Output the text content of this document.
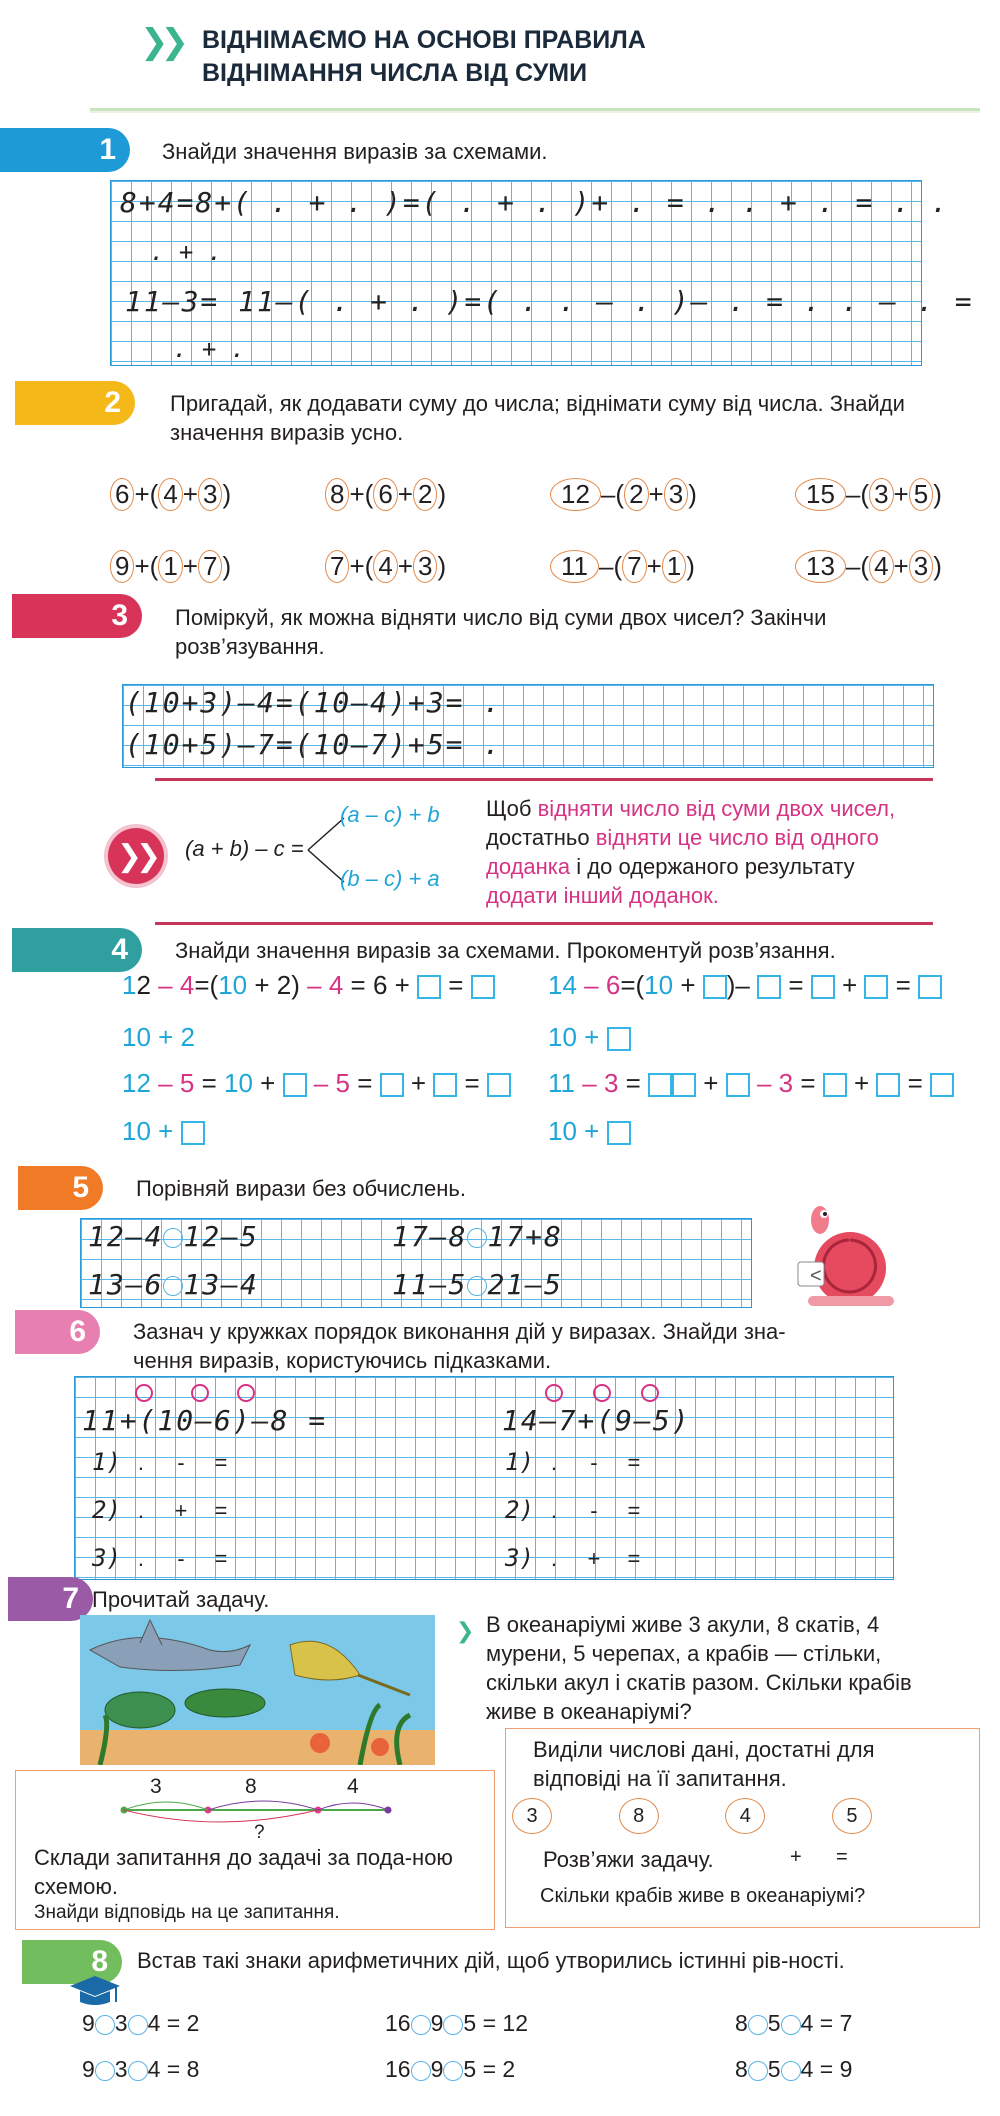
❯❯ ВІДНІМАЄМО НА ОСНОВІ ПРАВИЛА
ВІДНІМАННЯ ЧИСЛА ВІД СУМИ
1 Знайди значення виразів за схемами.
8+4=8+( . + . )=( . + . )+ . = . . + . = . .
. + .
11–3= 11–( . + . )=( . . – . )– . = . . – . =
. + .
2 Пригадай, як додавати суму до числа; віднімати суму від числа. Знайди значення виразів усно.
6 +( 4 + 3 )	8 +( 6 + 2 )	12 –( 2 + 3 )	15 –( 3 + 5 )
9 +( 1 + 7 )	7 +( 4 + 3 )	11 –( 7 + 1 )	13 –( 4 + 3 )
3 Поміркуй, як можна відняти число від суми двох чисел? Закінчи розв’язування.
(10+3)–4=(10–4)+3= .
(10+5)–7=(10–7)+5= .
❯❯	(a + b) – c =
(a – c) + b
(b – c) + a
Щоб відняти число від суми двох чисел, достатньо відняти це число від одного доданка і до одержаного результату додати інший доданок.
4 Знайди значення виразів за схемами. Прокоментуй розв’язання.
12 – 4=(10 + 2) – 4 = 6 + =
10 + 2
14 – 6=(10 + )– = + =
10 +
12 – 5 = 10 + – 5 = + =
10 +
11 – 3 = + – 3 = + =
10 +
5 Порівняй вирази без обчислень.
12–4 12–5	17–8 17+8
13–6 13–4	11–5 21–5	<
6 Зазнач у кружках порядок виконання дій у виразах. Знайди зна-
чення виразів, користуючись підказками.
11+(10–6)–8 =	14–7+(9–5)
1) . - =
2) . + =
3) . - =
1) . - =
2) . - =
3) . + =
7 Прочитай задачу.
❯ В океанаріумі живе 3 акули, 8 скатів, 4 мурени, 5 черепах, а крабів — стільки, скільки акул і скатів разом. Скільки крабів живе в океанаріумі?
3	8	4
?
Склади запитання до задачі за пода-ною схемою.
Знайди відповідь на це запитання.
Виділи числові дані, достатні для відповіді на її запитання.
3	8	4	5
Розв’яжи задачу.	+ =
Скільки крабів живе в океанаріумі?
8 Встав такі знаки арифметичних дій, щоб утворились істинні рів-ності.
9 3 4 = 2	16 9 5 = 12	8 5 4 = 7
9 3 4 = 8	16 9 5 = 2	8 5 4 = 9
